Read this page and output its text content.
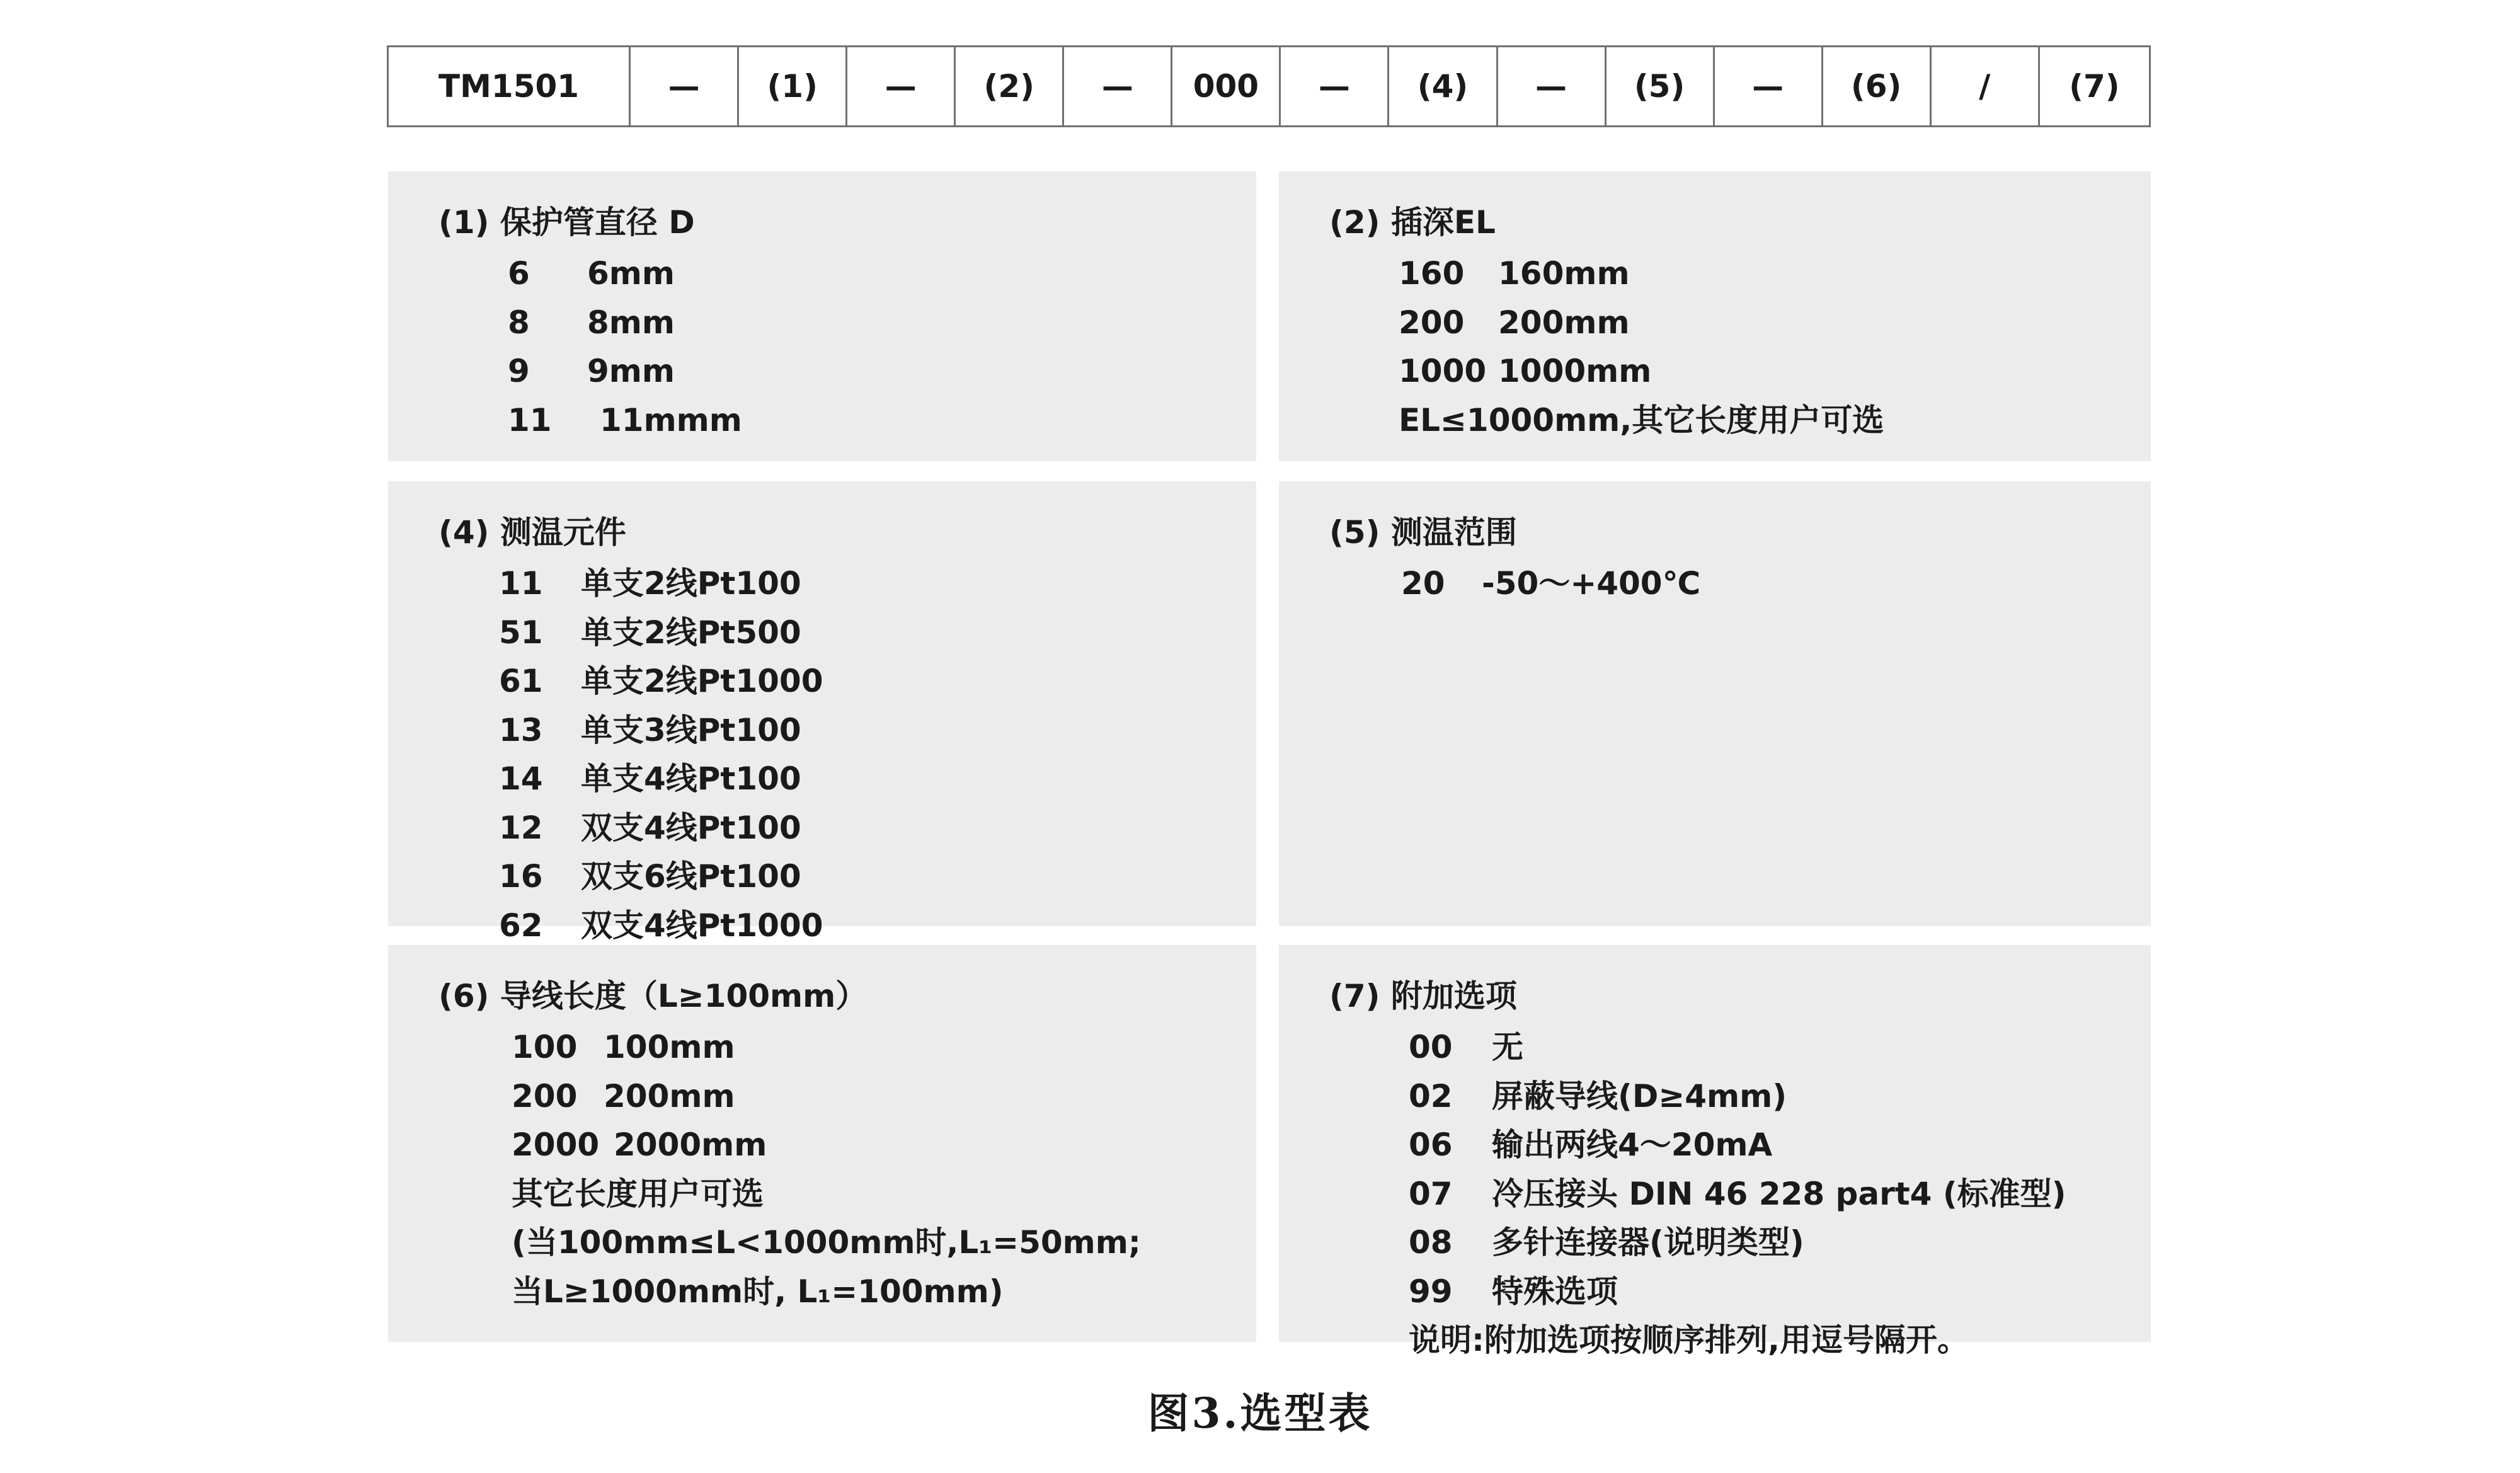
TM1501	—	(1)	—	(2)	—	000	—	(4)	—	(5)	—	(6)	/	(7)
(1) 保护管直径 D
6	6mm
8	8mm
9	9mm
11	11mmm
(2) 插深EL
160	160mm
200	200mm
1000 1000mm
EL≤1000mm,其它长度用户可选
(4) 测温元件
11	单支2线Pt100
51	单支2线Pt500
61	单支2线Pt1000
13	单支3线Pt100
14	单支4线Pt100
12	双支4线Pt100
16	双支6线Pt100
62	双支4线Pt1000
(5) 测温范围
20	-50～+400℃
(6) 导线长度（L≥100mm）
100 100mm
200 200mm
2000 2000mm
其它长度用户可选
(当100mm≤L<1000mm时,L₁=50mm;
当L≥1000mm时, L₁=100mm)
(7) 附加选项
00	无
02	屏蔽导线(D≥4mm)
06	输出两线4～20mA
07	冷压接头 DIN 46 228 part4 (标准型)
08	多针连接器(说明类型)
99	特殊选项
说明:附加选项按顺序排列,用逗号隔开。
图3.选型表
